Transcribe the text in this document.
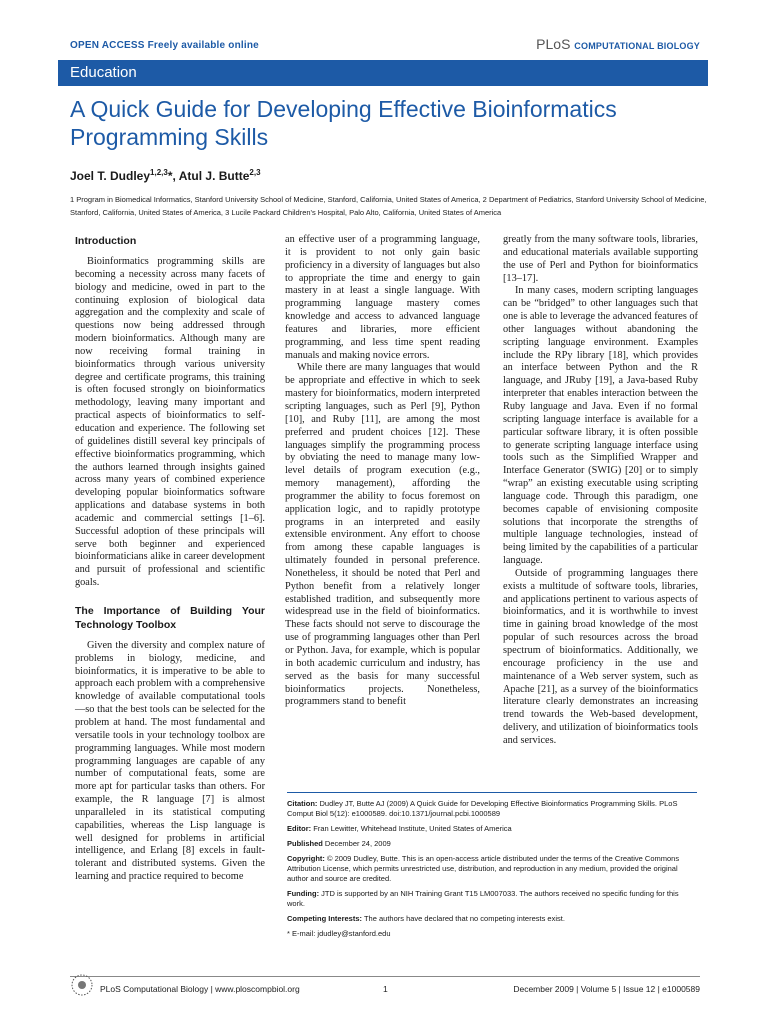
OPEN ACCESS Freely available online	PLoS COMPUTATIONAL BIOLOGY
Education
A Quick Guide for Developing Effective Bioinformatics
Programming Skills
Joel T. Dudley$^{1,2,3}$*, Atul J. Butte$^{2,3}$
1 Program in Biomedical Informatics, Stanford University School of Medicine, Stanford, California, United States of America, 2 Department of Pediatrics, Stanford University School of Medicine, Stanford, California, United States of America, 3 Lucile Packard Children's Hospital, Palo Alto, California, United States of America
Introduction

Bioinformatics programming skills are becoming a necessity across many facets of biology and medicine, owed in part to the continuing explosion of biological data aggregation and the complexity and scale of questions now being addressed through modern bioinformatics. Although many are now receiving formal training in bioinformatics through various university degree and certificate programs, this training is often focused strongly on bioinformatics methodology, leaving many important and practical aspects of bioinformatics to self-education and experience. The following set of guidelines distill several key principals of effective bioinformatics programming, which the authors learned through insights gained across many years of combined experience developing popular bioinformatics software applications and database systems in both academic and commercial settings [1–6]. Successful adoption of these principals will serve both beginner and experienced bioinformaticians alike in career development and pursuit of professional and scientific goals.

The Importance of Building Your Technology Toolbox

Given the diversity and complex nature of problems in biology, medicine, and bioinformatics, it is imperative to be able to approach each problem with a comprehensive knowledge of available computational tools—so that the best tools can be selected for the problem at hand. The most fundamental and versatile tools in your technology toolbox are programming languages. While most modern programming languages are capable of any number of computational feats, some are more apt for particular tasks than others. For example, the R language [7] is almost unparalleled in its statistical computing capabilities, whereas the Lisp language is well designed for problems in artificial intelligence, and Erlang [8] excels in fault-tolerant and distributed systems. Given the learning and practice required to become

an effective user of a programming language, it is provident to not only gain basic proficiency in a diversity of languages but also to appropriate the time and energy to gain mastery in at least a single language. With programming language mastery comes knowledge and access to advanced language features and libraries, more efficient programming, and less time spent reading manuals and making novice errors.

While there are many languages that would be appropriate and effective in which to seek mastery for bioinformatics, modern interpreted scripting languages, such as Perl [9], Python [10], and Ruby [11], are among the most preferred and prudent choices [12]. These languages simplify the programming process by obviating the need to manage many low-level details of program execution (e.g., memory management), affording the programmer the ability to focus foremost on application logic, and to rapidly prototype programs in an interpreted and easily extensible environment. Any effort to choose from among these capable languages is ultimately founded in personal preference. Nonetheless, it should be noted that Perl and Python benefit from a relatively longer established tradition, and subsequently more widespread use in the field of bioinformatics. These facts should not serve to discourage the use of programming languages other than Perl or Python. Java, for example, which is popular in both academic curriculum and industry, has served as the basis for many successful bioinformatics projects. Nonetheless, programmers stand to benefit

greatly from the many software tools, libraries, and educational materials available supporting the use of Perl and Python for bioinformatics [13–17].

In many cases, modern scripting languages can be “bridged” to other languages such that one is able to leverage the advanced features of other languages without abandoning the scripting language environment. Examples include the RPy library [18], which provides an interface between Python and the R language, and JRuby [19], a Java-based Ruby interpreter that enables interaction between the Ruby language and Java. Even if no formal scripting language interface is available for a particular software library, it is often possible to generate scripting language interface using tools such as the Simplified Wrapper and Interface Generator (SWIG) [20] or to simply “wrap” an existing executable using scripting language code. Through this paradigm, one becomes capable of envisioning composite solutions that incorporate the strengths of multiple language technologies, instead of being limited by the capabilities of a particular language.

Outside of programming languages there exists a multitude of software tools, libraries, and applications pertinent to various aspects of bioinformatics, and it is worthwhile to invest time in gaining broad knowledge of the most popular of such resources across the broad spectrum of bioinformatics. Additionally, we encourage proficiency in the use and maintenance of a Web server system, such as Apache [21], as a survey of the bioinformatics literature clearly demonstrates an increasing trend towards the Web-based development, delivery, and utilization of bioinformatics tools and services.

Citation: Dudley JT, Butte AJ (2009) A Quick Guide for Developing Effective Bioinformatics Programming Skills. PLoS Comput Biol 5(12): e1000589. doi:10.1371/journal.pcbi.1000589
Editor: Fran Lewitter, Whitehead Institute, United States of America
Published December 24, 2009
Copyright: © 2009 Dudley, Butte. This is an open-access article distributed under the terms of the Creative Commons Attribution License, which permits unrestricted use, distribution, and reproduction in any medium, provided the original author and source are credited.
Funding: JTD is supported by an NIH Training Grant T15 LM007033. The authors received no specific funding for this work.
Competing Interests: The authors have declared that no competing interests exist.
* E-mail: jdudley@stanford.edu
PLoS Computational Biology | www.ploscompbiol.org	1	December 2009 | Volume 5 | Issue 12 | e1000589
